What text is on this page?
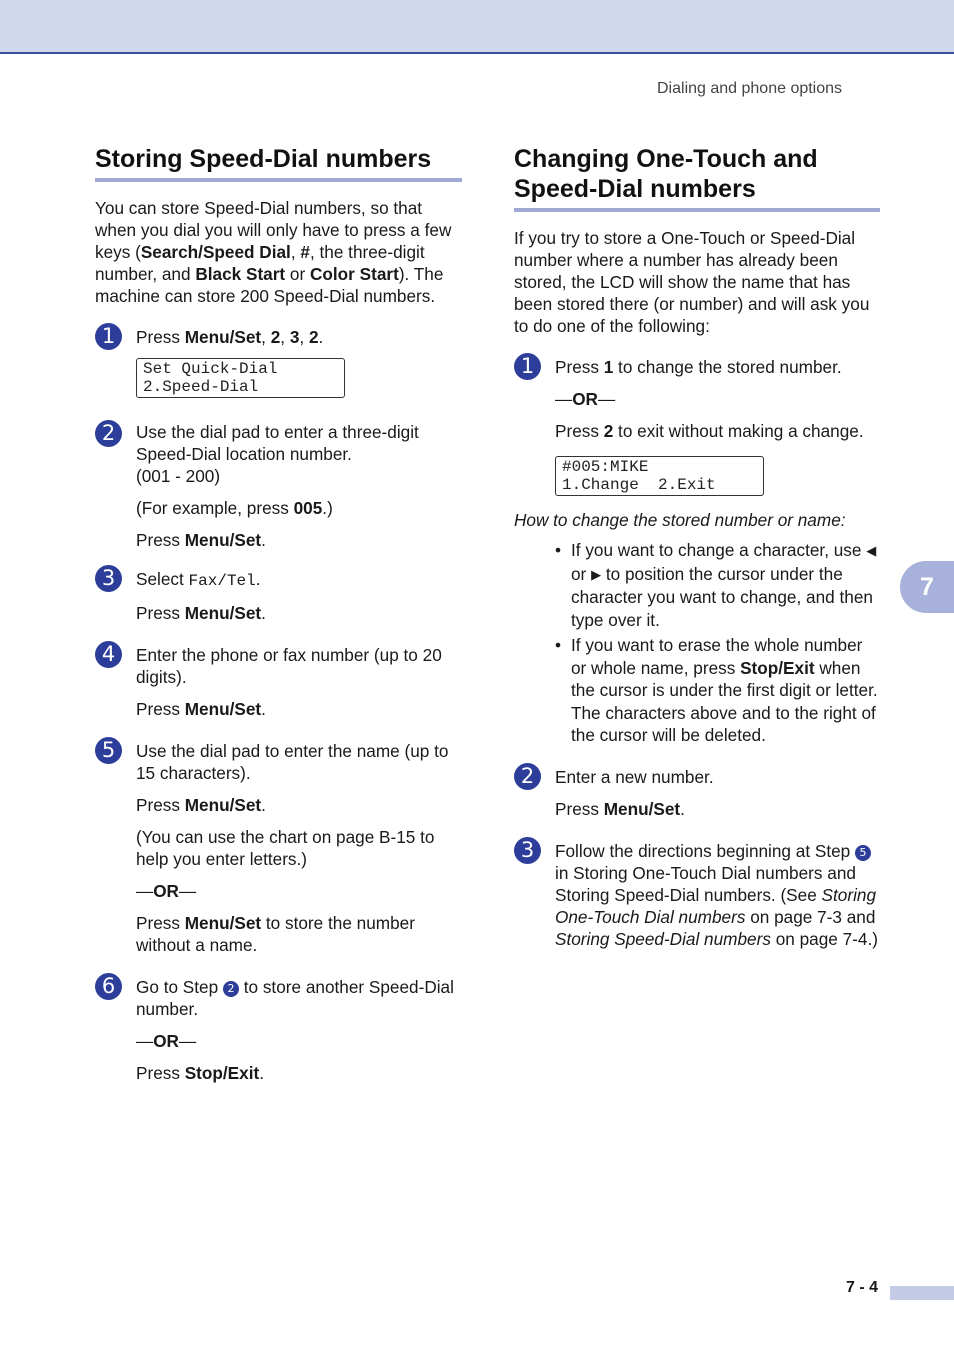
Dialing and phone options
Storing Speed-Dial numbers

You can store Speed-Dial numbers, so that when you dial you will only have to press a few keys (Search/Speed Dial, #, the three-digit number, and Black Start or Color Start). The machine can store 200 Speed-Dial numbers.

1	Press Menu/Set, 2, 3, 2.

Set Quick-Dial
2.Speed-Dial
2	Use the dial pad to enter a three-digit Speed-Dial location number.

(001 - 200)

(For example, press 005.)

Press Menu/Set.

3	Select Fax/Tel.

Press Menu/Set.

4	Enter the phone or fax number (up to 20 digits).

Press Menu/Set.

5	Use the dial pad to enter the name (up to 15 characters).

Press Menu/Set.

(You can use the chart on page B-15 to help you enter letters.)

—OR—

Press Menu/Set to store the number without a name.

6	Go to Step 2 to store another Speed-Dial number.

—OR—

Press Stop/Exit.

Changing One-Touch and
Speed-Dial numbers

If you try to store a One-Touch or Speed-Dial number where a number has already been stored, the LCD will show the name that has been stored there (or number) and will ask you to do one of the following:

1	Press 1 to change the stored number.

—OR—

Press 2 to exit without making a change.

#005:MIKE
1.Change  2.Exit

How to change the stored number or name:

• If you want to change a character, use ◀ or ▶ to position the cursor under the character you want to change, and then type over it.
• If you want to erase the whole number or whole name, press Stop/Exit when the cursor is under the first digit or letter. The characters above and to the right of the cursor will be deleted.
2	Enter a new number.

Press Menu/Set.

3	Follow the directions beginning at Step 5 in Storing One-Touch Dial numbers and Storing Speed-Dial numbers. (See Storing One-Touch Dial numbers on page 7-3 and Storing Speed-Dial numbers on page 7-4.)

7
7 - 4
